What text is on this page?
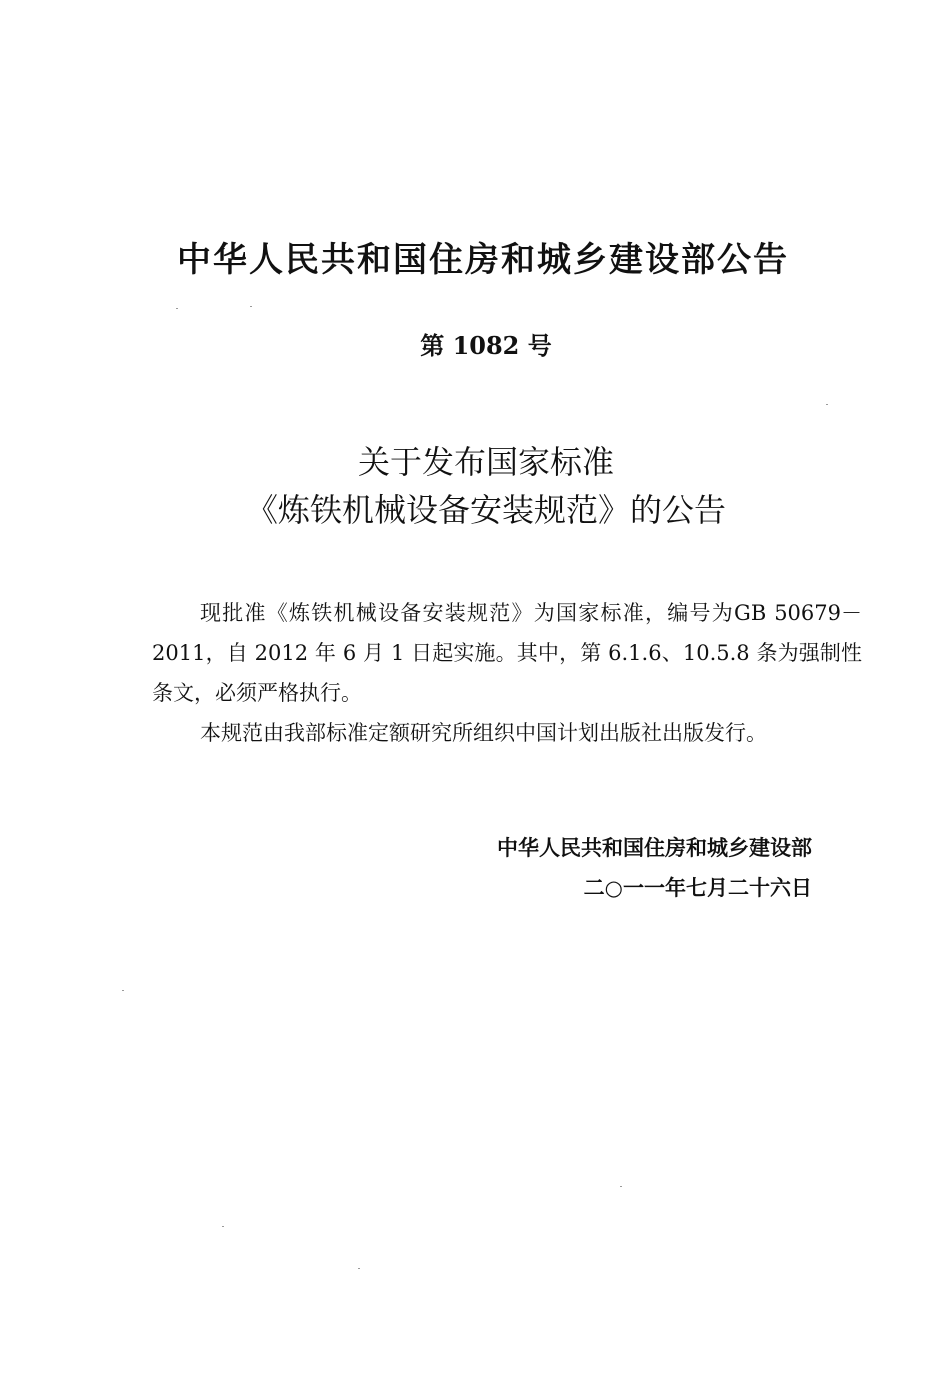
中华人民共和国住房和城乡建设部公告
第 1082 号
关于发布国家标准
《炼铁机械设备安装规范》的公告

现批准《炼铁机械设备安装规范》为国家标准，编号为GB 50679－2011，自 2012 年 6 月 1 日起实施。其中，第 6.1.6、10.5.8 条为强制性条文，必须严格执行。

本规范由我部标准定额研究所组织中国计划出版社出版发行。

中华人民共和国住房和城乡建设部
二○一一年七月二十六日
